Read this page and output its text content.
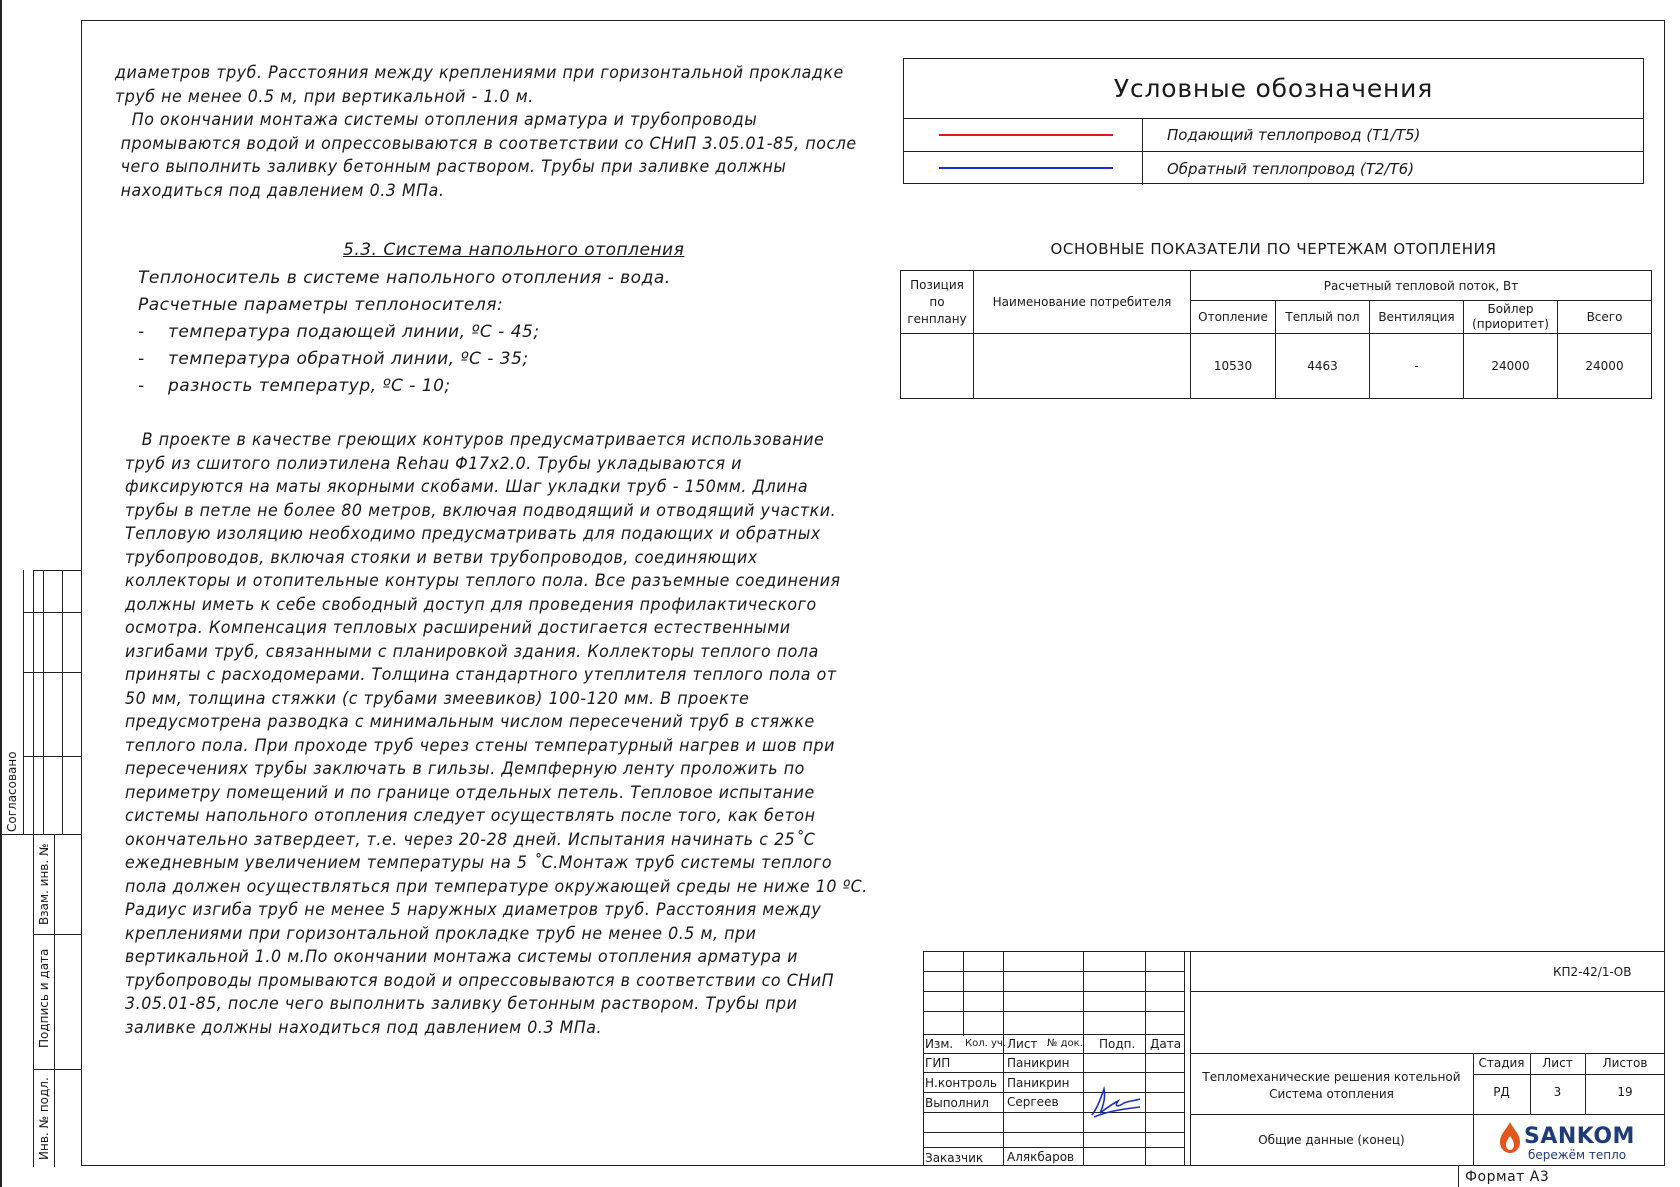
Согласовано
Взам. инв. №
Подпись и дата
Инв. № подл.
диаметров труб. Расстояния между креплениями при горизонтальной прокладке
труб не менее 0.5 м, при вертикальной - 1.0 м.
По окончании монтажа системы отопления арматура и трубопроводы
промываются водой и опрессовываются в соответствии со СНиП 3.05.01-85, после
чего выполнить заливку бетонным раствором. Трубы при заливке должны
находиться под давлением 0.3 МПа.
5.3. Система напольного отопления
Теплоноситель в системе напольного отопления - вода.
Расчетные параметры теплоносителя:
-	температура подающей линии, ºC - 45;
-	температура обратной линии, ºC - 35;
-	разность температур, ºC - 10;
В проекте в качестве греющих контуров предусматривается использование
труб из сшитого полиэтилена Rehau Φ17x2.0. Трубы укладываются и
фиксируются на маты якорными скобами. Шаг укладки труб - 150мм. Длина
трубы в петле не более 80 метров, включая подводящий и отводящий участки.
Тепловую изоляцию необходимо предусматривать для подающих и обратных
трубопроводов, включая стояки и ветви трубопроводов, соединяющих
коллекторы и отопительные контуры теплого пола. Все разъемные соединения
должны иметь к себе свободный доступ для проведения профилактического
осмотра. Компенсация тепловых расширений достигается естественными
изгибами труб, связанными с планировкой здания. Коллекторы теплого пола
приняты с расходомерами. Толщина стандартного утеплителя теплого пола от
50 мм, толщина стяжки (с трубами змеевиков) 100-120 мм. В проекте
предусмотрена разводка с минимальным числом пересечений труб в стяжке
теплого пола. При проходе труб через стены температурный нагрев и шов при
пересечениях трубы заключать в гильзы. Демпферную ленту проложить по
периметру помещений и по границе отдельных петель. Тепловое испытание
системы напольного отопления следует осуществлять после того, как бетон
окончательно затвердеет, т.е. через 20-28 дней. Испытания начинать с 25˚C
ежедневным увеличением температуры на 5 ˚C.Монтаж труб системы теплого
пола должен осуществляться при температуре окружающей среды не ниже 10 ºC.
Радиус изгиба труб не менее 5 наружных диаметров труб. Расстояния между
креплениями при горизонтальной прокладке труб не менее 0.5 м, при
вертикальной 1.0 м.По окончании монтажа системы отопления арматура и
трубопроводы промываются водой и опрессовываются в соответствии со СНиП
3.05.01-85, после чего выполнить заливку бетонным раствором. Трубы при
заливке должны находиться под давлением 0.3 МПа.
Условные обозначения
Подающий теплопровод (Т1/Т5)
Обратный теплопровод (Т2/Т6)
ОСНОВНЫЕ ПОКАЗАТЕЛИ ПО ЧЕРТЕЖАМ ОТОПЛЕНИЯ
Позиция по генплану	Наименование потребителя	Расчетный тепловой поток, Вт				
		Отопление	Теплый пол	Вентиляция	Бойлер (приоритет)	Всего
		10530	4463	-	24000	24000
Изм. Кол. уч. Лист № док. Подп. Дата
ГИП	Паникрин
Н.контроль Паникрин
Выполнил Сергеев
Заказчик Алякбаров
КП2-42/1-ОВ
Тепломеханические решения котельной
Система отопления
Общие данные (конец)
Стадия	Лист	Листов
РД	3	19
SANKOM
бережём тепло
Формат А3
